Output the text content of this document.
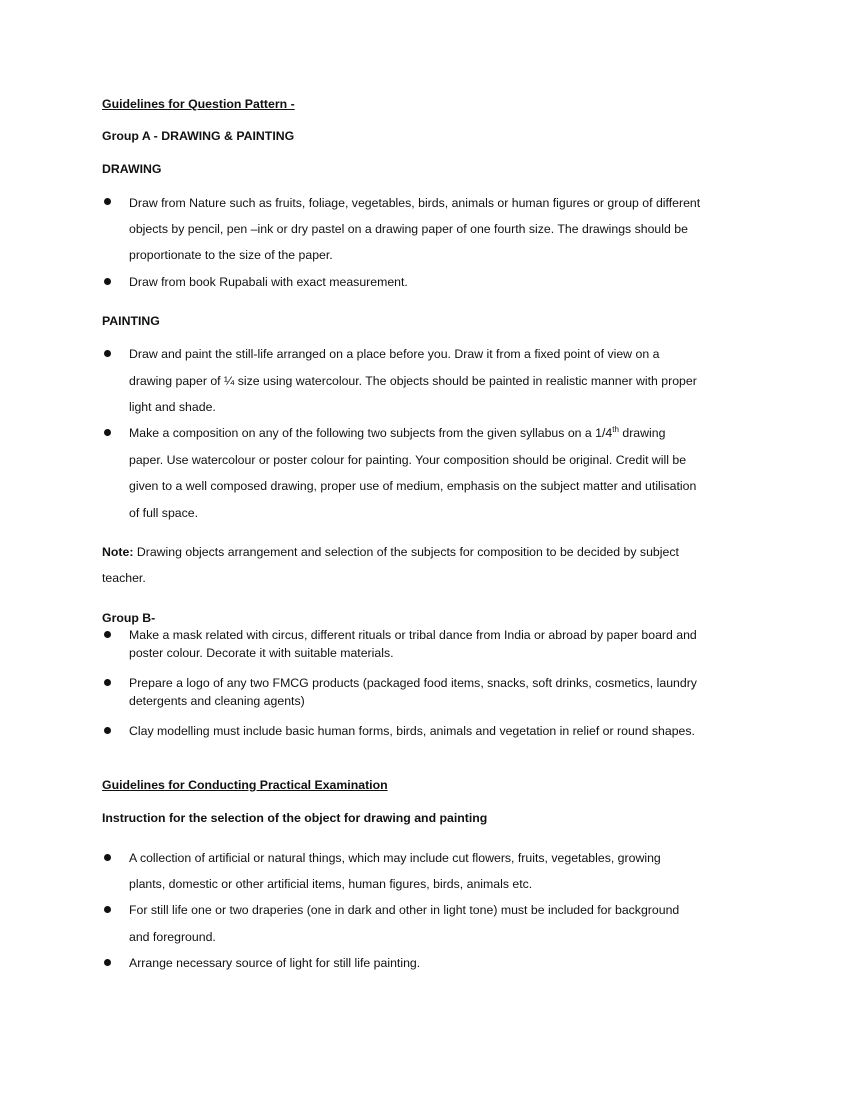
Guidelines for Question Pattern -
Group A - DRAWING & PAINTING
DRAWING
Draw from Nature such as fruits, foliage, vegetables, birds, animals or human figures or group of different
objects by pencil, pen –ink or dry pastel on a drawing paper of one fourth size. The drawings should be
proportionate to the size of the paper.
Draw from book Rupabali with exact measurement.
PAINTING
Draw and paint the still-life arranged on a place before you. Draw it from a fixed point of view on a
drawing paper of ¼ size using watercolour. The objects should be painted in realistic manner with proper
light and shade.
Make a composition on any of the following two subjects from the given syllabus on a 1/4th drawing
paper. Use watercolour or poster colour for painting. Your composition should be original. Credit will be
given to a well composed drawing, proper use of medium, emphasis on the subject matter and utilisation
of full space.
Note: Drawing objects arrangement and selection of the subjects for composition to be decided by subject
teacher.
Group B-
Make a mask related with circus, different rituals or tribal dance from India or abroad by paper board and
poster colour. Decorate it with suitable materials.
Prepare a logo of any two FMCG products (packaged food items, snacks, soft drinks, cosmetics, laundry
detergents and cleaning agents)
Clay modelling must include basic human forms, birds, animals and vegetation in relief or round shapes.
Guidelines for Conducting Practical Examination
Instruction for the selection of the object for drawing and painting
A collection of artificial or natural things, which may include cut flowers, fruits, vegetables, growing
plants, domestic or other artificial items, human figures, birds, animals etc.
For still life one or two draperies (one in dark and other in light tone) must be included for background
and foreground.
Arrange necessary source of light for still life painting.
